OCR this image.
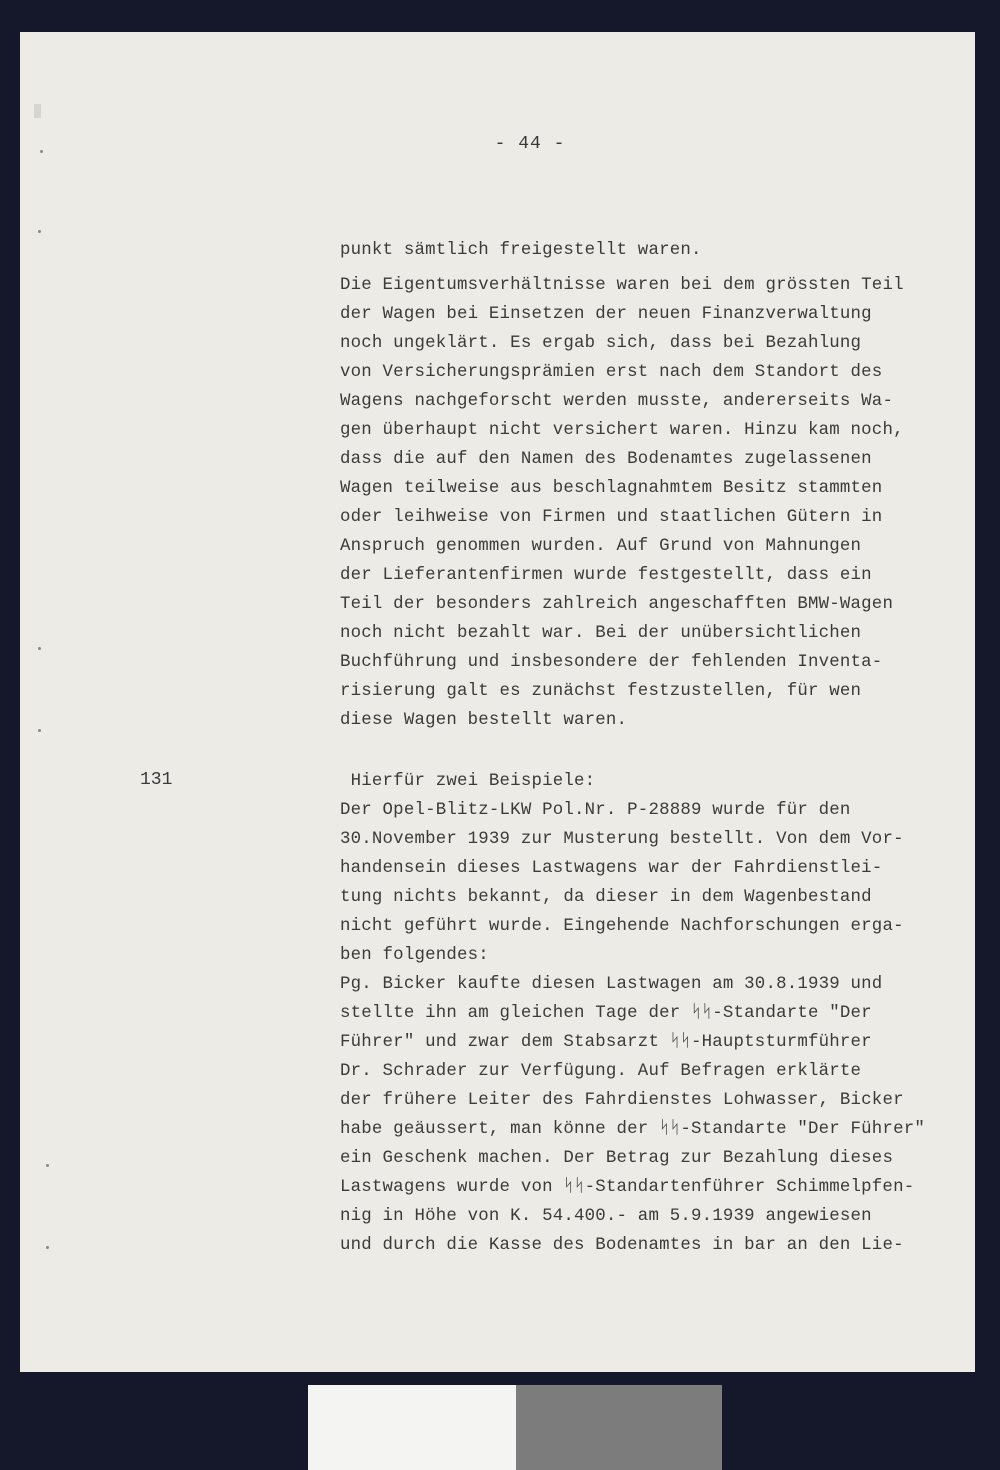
- 44 -
131
punkt sämtlich freigestellt waren.
Die Eigentumsverhältnisse waren bei dem grössten Teil
der Wagen bei Einsetzen der neuen Finanzverwaltung
noch ungeklärt. Es ergab sich, dass bei Bezahlung
von Versicherungsprämien erst nach dem Standort des
Wagens nachgeforscht werden musste, andererseits Wa-
gen überhaupt nicht versichert waren. Hinzu kam noch,
dass die auf den Namen des Bodenamtes zugelassenen
Wagen teilweise aus beschlagnahmtem Besitz stammten
oder leihweise von Firmen und staatlichen Gütern in
Anspruch genommen wurden. Auf Grund von Mahnungen
der Lieferantenfirmen wurde festgestellt, dass ein
Teil der besonders zahlreich angeschafften BMW-Wagen
noch nicht bezahlt war. Bei der unübersichtlichen
Buchführung und insbesondere der fehlenden Inventa-
risierung galt es zunächst festzustellen, für wen
diese Wagen bestellt waren.
Hierfür zwei Beispiele:
Der Opel-Blitz-LKW Pol.Nr. P-28889 wurde für den
30.November 1939 zur Musterung bestellt. Von dem Vor-
handensein dieses Lastwagens war der Fahrdienstlei-
tung nichts bekannt, da dieser in dem Wagenbestand
nicht geführt wurde. Eingehende Nachforschungen erga-
ben folgendes:
Pg. Bicker kaufte diesen Lastwagen am 30.8.1939 und
stellte ihn am gleichen Tage der ᛋᛋ-Standarte "Der
Führer" und zwar dem Stabsarzt ᛋᛋ-Hauptsturmführer
Dr. Schrader zur Verfügung. Auf Befragen erklärte
der frühere Leiter des Fahrdienstes Lohwasser, Bicker
habe geäussert, man könne der ᛋᛋ-Standarte "Der Führer"
ein Geschenk machen. Der Betrag zur Bezahlung dieses
Lastwagens wurde von ᛋᛋ-Standartenführer Schimmelpfen-
nig in Höhe von K. 54.400.- am 5.9.1939 angewiesen
und durch die Kasse des Bodenamtes in bar an den Lie-
